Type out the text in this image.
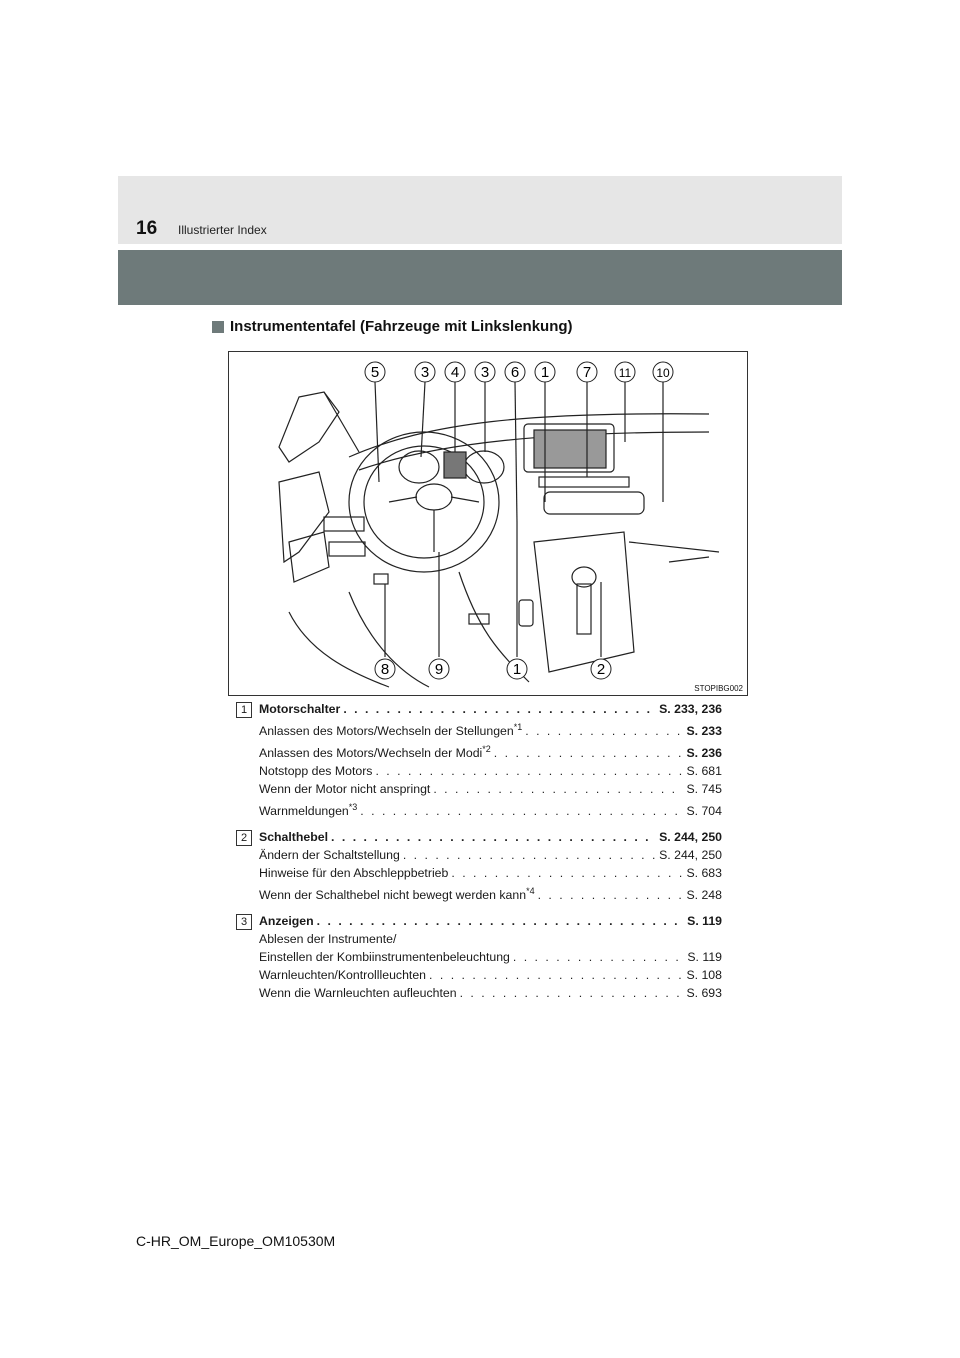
16 Illustrierter Index
Instrumententafel (Fahrzeuge mit Linkslenkung)
5	3 4 3 6 1 7 11 10
8	9	1	2
STOPIBG002
1 Motorschalter . . .	S. 233, 236
Anlassen des Motors/Wechseln der Stellungen$^{*1}$ . . .	S. 233
Anlassen des Motors/Wechseln der Modi$^{*2}$ . . .	S. 236
Notstopp des Motors . . .	S. 681
Wenn der Motor nicht anspringt . . .	S. 745
Warnmeldungen$^{*3}$ . . .	S. 704
2 Schalthebel . . .	S. 244, 250
Ändern der Schaltstellung . . .	S. 244, 250
Hinweise für den Abschleppbetrieb . . .	S. 683
Wenn der Schalthebel nicht bewegt werden kann$^{*4}$ . . .	S. 248
3 Anzeigen . . .	S. 119
Ablesen der Instrumente/
Einstellen der Kombiinstrumentenbeleuchtung . . .	S. 119
Warnleuchten/Kontrollleuchten . . .	S. 108
Wenn die Warnleuchten aufleuchten . . .	S. 693
C-HR_OM_Europe_OM10530M
